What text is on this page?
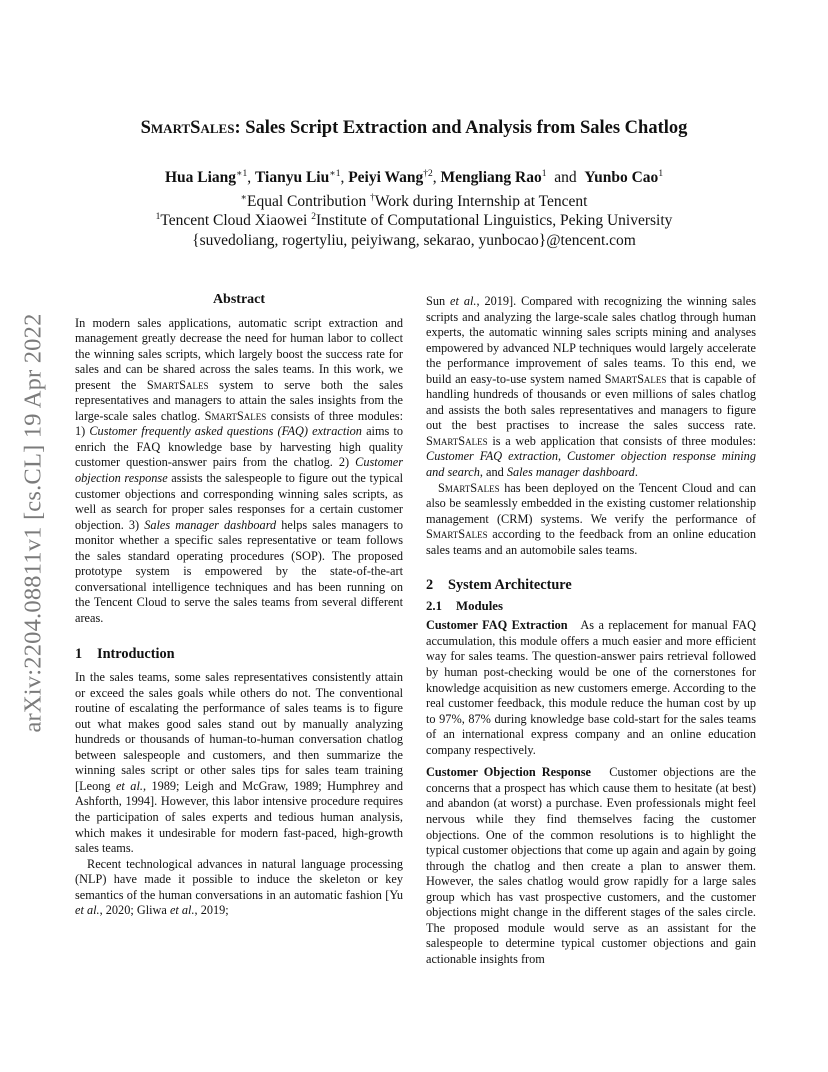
arXiv:2204.08811v1 [cs.CL] 19 Apr 2022
SmartSales: Sales Script Extraction and Analysis from Sales Chatlog
Hua Liang$^{∗1}$, Tianyu Liu$^{∗1}$, Peiyi Wang$^{\dagger 2}$, Mengliang Rao$^1$ and Yunbo Cao$^1$
∗Equal Contribution †Work during Internship at Tencent
$^1$Tencent Cloud Xiaowei $^2$Institute of Computational Linguistics, Peking University
{suvedoliang, rogertyliu, peiyiwang, sekarao, yunbocao}@tencent.com
Abstract

In modern sales applications, automatic script extraction and management greatly decrease the need for human labor to collect the winning sales scripts, which largely boost the success rate for sales and can be shared across the sales teams. In this work, we present the SmartSales system to serve both the sales representatives and managers to attain the sales insights from the large-scale sales chatlog. SmartSales consists of three modules: 1) Customer frequently asked questions (FAQ) extraction aims to enrich the FAQ knowledge base by harvesting high quality customer question-answer pairs from the chatlog. 2) Customer objection response assists the salespeople to figure out the typical customer objections and corresponding winning sales scripts, as well as search for proper sales responses for a certain customer objection. 3) Sales manager dashboard helps sales managers to monitor whether a specific sales representative or team follows the sales standard operating procedures (SOP). The proposed prototype system is empowered by the state-of-the-art conversational intelligence techniques and has been running on the Tencent Cloud to serve the sales teams from several different areas.

1 Introduction

In the sales teams, some sales representatives consistently attain or exceed the sales goals while others do not. The conventional routine of escalating the performance of sales teams is to figure out what makes good sales stand out by manually analyzing hundreds or thousands of human-to-human conversation chatlog between salespeople and customers, and then summarize the winning sales script or other sales tips for sales team training [Leong et al., 1989; Leigh and McGraw, 1989; Humphrey and Ashforth, 1994]. However, this labor intensive procedure requires the participation of sales experts and tedious human analysis, which makes it undesirable for modern fast-paced, high-growth sales teams.

Recent technological advances in natural language processing (NLP) have made it possible to induce the skeleton or key semantics of the human conversations in an automatic fashion [Yu et al., 2020; Gliwa et al., 2019;

Sun et al., 2019]. Compared with recognizing the winning sales scripts and analyzing the large-scale sales chatlog through human experts, the automatic winning sales scripts mining and analyses empowered by advanced NLP techniques would largely accelerate the performance improvement of sales teams. To this end, we build an easy-to-use system named SmartSales that is capable of handling hundreds of thousands or even millions of sales chatlog and assists the both sales representatives and managers to figure out the best practises to increase the sales success rate. SmartSales is a web application that consists of three modules: Customer FAQ extraction, Customer objection response mining and search, and Sales manager dashboard.

SmartSales has been deployed on the Tencent Cloud and can also be seamlessly embedded in the existing customer relationship management (CRM) systems. We verify the performance of SmartSales according to the feedback from an online education sales teams and an automobile sales teams.

2 System Architecture
2.1 Modules

Customer FAQ Extraction As a replacement for manual FAQ accumulation, this module offers a much easier and more efficient way for sales teams. The question-answer pairs retrieval followed by human post-checking would be one of the cornerstones for knowledge acquisition as new customers emerge. According to the real customer feedback, this module reduce the human cost by up to 97%, 87% during knowledge base cold-start for the sales teams of an international express company and an online education company respectively.

Customer Objection Response Customer objections are the concerns that a prospect has which cause them to hesitate (at best) and abandon (at worst) a purchase. Even professionals might feel nervous while they find themselves facing the customer objections. One of the common resolutions is to highlight the typical customer objections that come up again and again by going through the chatlog and then create a plan to answer them. However, the sales chatlog would grow rapidly for a large sales group which has vast prospective customers, and the customer objections might change in the different stages of the sales circle. The proposed module would serve as an assistant for the salespeople to determine typical customer objections and gain actionable insights from
